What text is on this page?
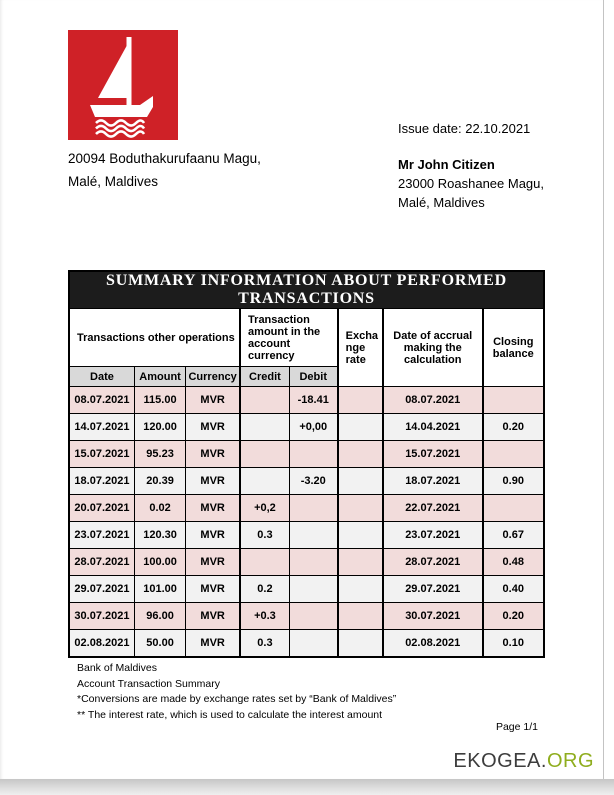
20094 Boduthakurufaanu Magu,
Malé, Maldives
Issue date: 22.10.2021
Mr John Citizen
23000 Roashanee Magu,
Malé, Maldives
SUMMARY INFORMATION ABOUT PERFORMED TRANSACTIONS							
Transactions other operations			Transaction amount in the account currency		Exchange rate	Date of accrual making the calculation	Closing balance
Date	Amount	Currency	Credit	Debit			
08.07.2021	115.00	MVR		-18.41		08.07.2021	
14.07.2021	120.00	MVR		+0,00		14.04.2021	0.20
15.07.2021	95.23	MVR				15.07.2021	
18.07.2021	20.39	MVR		-3.20		18.07.2021	0.90
20.07.2021	0.02	MVR	+0,2			22.07.2021	
23.07.2021	120.30	MVR	0.3			23.07.2021	0.67
28.07.2021	100.00	MVR				28.07.2021	0.48
29.07.2021	101.00	MVR	0.2			29.07.2021	0.40
30.07.2021	96.00	MVR	+0.3			30.07.2021	0.20
02.08.2021	50.00	MVR	0.3			02.08.2021	0.10
Bank of Maldives
Account Transaction Summary
*Conversions are made by exchange rates set by “Bank of Maldives”
** The interest rate, which is used to calculate the interest amount
Page 1/1
EKOGEA.ORG
